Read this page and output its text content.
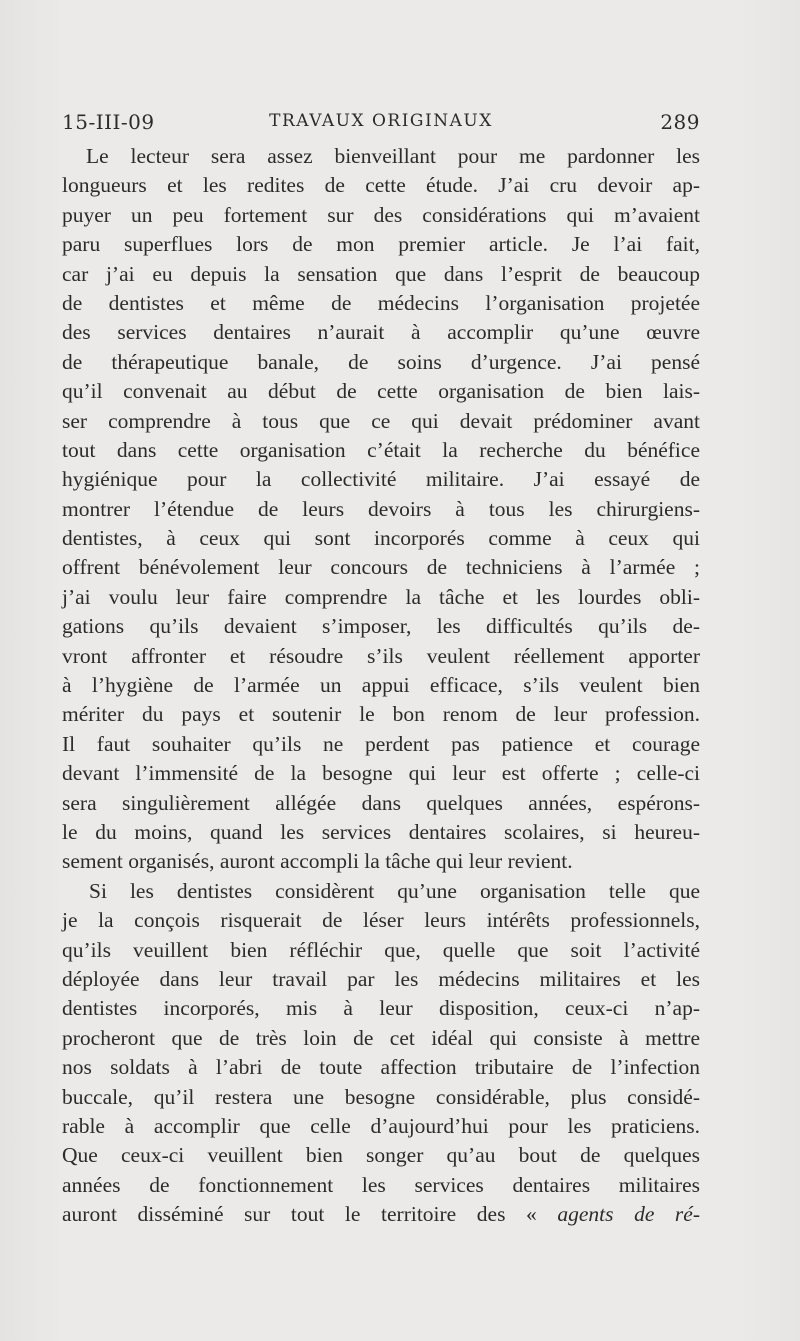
15-III-09	TRAVAUX ORIGINAUX	289
Le lecteur sera assez bienveillant pour me pardonner les
longueurs et les redites de cette étude. J’ai cru devoir ap-
puyer un peu fortement sur des considérations qui m’avaient
paru superflues lors de mon premier article. Je l’ai fait,
car j’ai eu depuis la sensation que dans l’esprit de beaucoup
de dentistes et même de médecins l’organisation projetée
des services dentaires n’aurait à accomplir qu’une œuvre
de thérapeutique banale, de soins d’urgence. J’ai pensé
qu’il convenait au début de cette organisation de bien lais-
ser comprendre à tous que ce qui devait prédominer avant
tout dans cette organisation c’était la recherche du bénéfice
hygiénique pour la collectivité militaire. J’ai essayé de
montrer l’étendue de leurs devoirs à tous les chirurgiens-
dentistes, à ceux qui sont incorporés comme à ceux qui
offrent bénévolement leur concours de techniciens à l’armée ;
j’ai voulu leur faire comprendre la tâche et les lourdes obli-
gations qu’ils devaient s’imposer, les difficultés qu’ils de-
vront affronter et résoudre s’ils veulent réellement apporter
à l’hygiène de l’armée un appui efficace, s’ils veulent bien
mériter du pays et soutenir le bon renom de leur profession.
Il faut souhaiter qu’ils ne perdent pas patience et courage
devant l’immensité de la besogne qui leur est offerte ; celle-ci
sera singulièrement allégée dans quelques années, espérons-
le du moins, quand les services dentaires scolaires, si heureu-
sement organisés, auront accompli la tâche qui leur revient.
Si les dentistes considèrent qu’une organisation telle que
je la conçois risquerait de léser leurs intérêts professionnels,
qu’ils veuillent bien réfléchir que, quelle que soit l’activité
déployée dans leur travail par les médecins militaires et les
dentistes incorporés, mis à leur disposition, ceux-ci n’ap-
procheront que de très loin de cet idéal qui consiste à mettre
nos soldats à l’abri de toute affection tributaire de l’infection
buccale, qu’il restera une besogne considérable, plus considé-
rable à accomplir que celle d’aujourd’hui pour les praticiens.
Que ceux-ci veuillent bien songer qu’au bout de quelques
années de fonctionnement les services dentaires militaires
auront disséminé sur tout le territoire des « agents de ré-
